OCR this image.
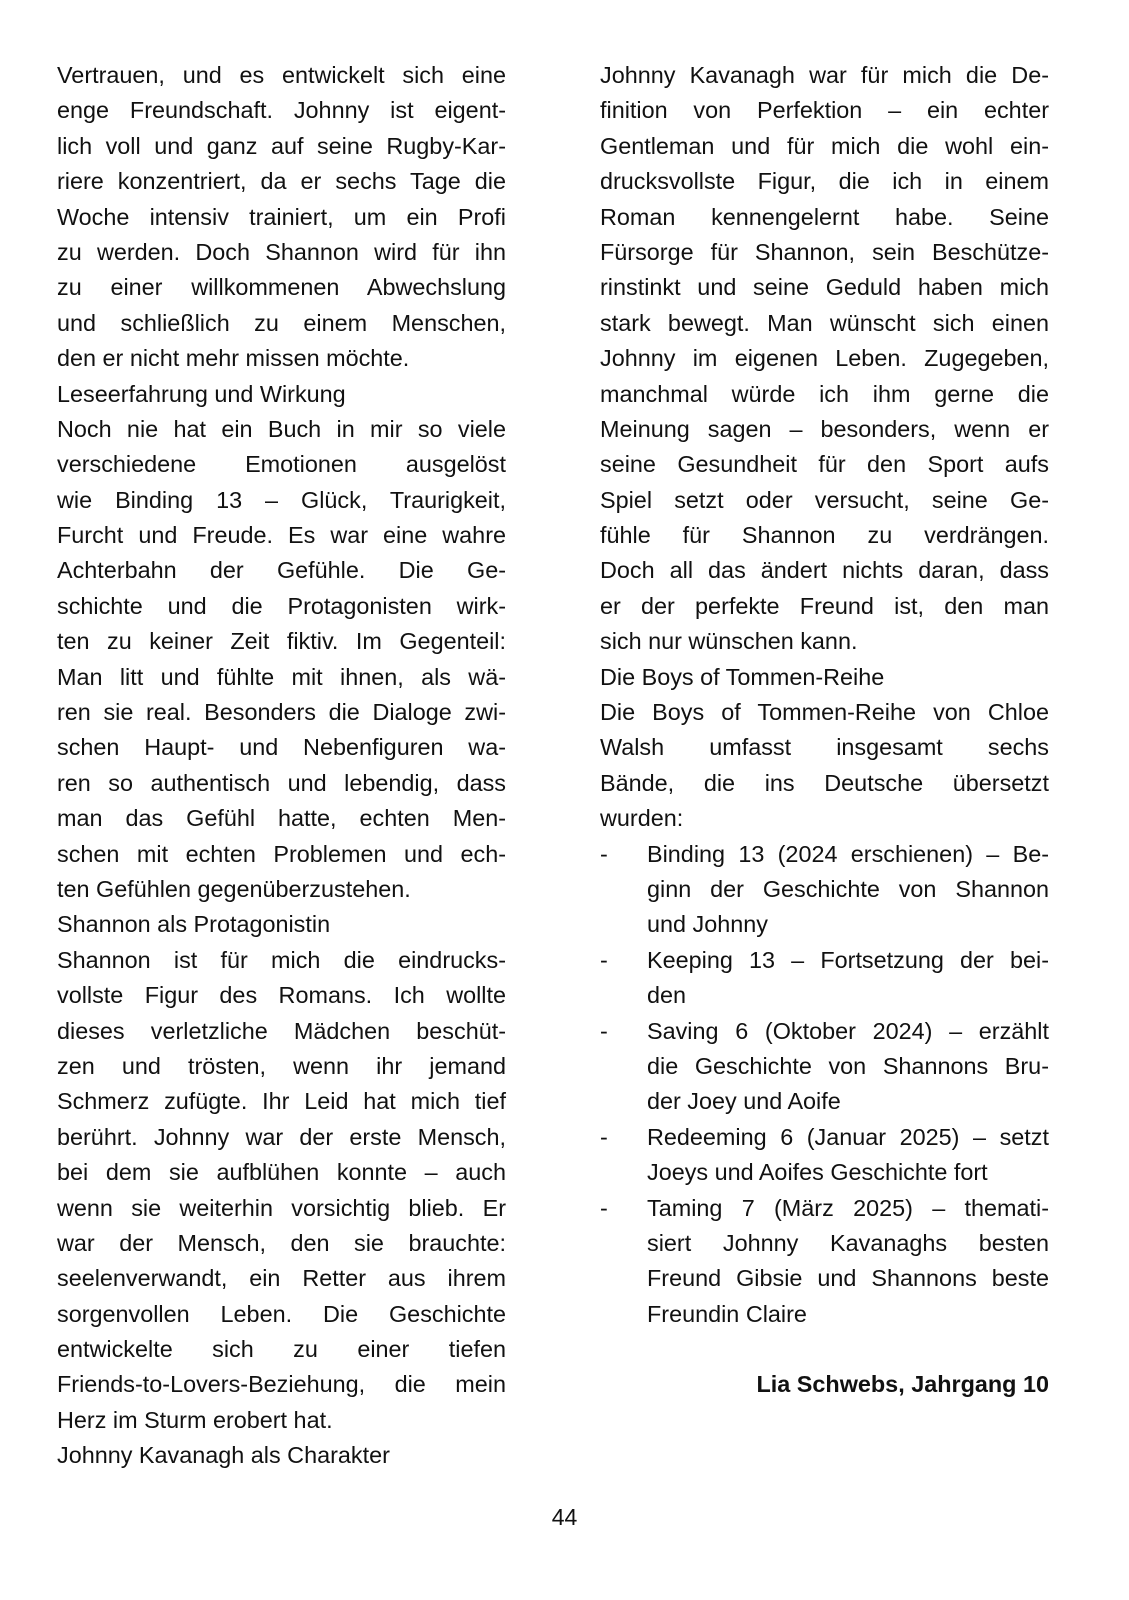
Vertrauen, und es entwickelt sich eine
enge Freundschaft. Johnny ist eigent-
lich voll und ganz auf seine Rugby-Kar-
riere konzentriert, da er sechs Tage die
Woche intensiv trainiert, um ein Profi
zu werden. Doch Shannon wird für ihn
zu einer willkommenen Abwechslung
und schließlich zu einem Menschen,
den er nicht mehr missen möchte.
Leseerfahrung und Wirkung
Noch nie hat ein Buch in mir so viele
verschiedene Emotionen ausgelöst
wie Binding 13 – Glück, Traurigkeit,
Furcht und Freude. Es war eine wahre
Achterbahn der Gefühle. Die Ge-
schichte und die Protagonisten wirk-
ten zu keiner Zeit fiktiv. Im Gegenteil:
Man litt und fühlte mit ihnen, als wä-
ren sie real. Besonders die Dialoge zwi-
schen Haupt- und Nebenfiguren wa-
ren so authentisch und lebendig, dass
man das Gefühl hatte, echten Men-
schen mit echten Problemen und ech-
ten Gefühlen gegenüberzustehen.
Shannon als Protagonistin
Shannon ist für mich die eindrucks-
vollste Figur des Romans. Ich wollte
dieses verletzliche Mädchen beschüt-
zen und trösten, wenn ihr jemand
Schmerz zufügte. Ihr Leid hat mich tief
berührt. Johnny war der erste Mensch,
bei dem sie aufblühen konnte – auch
wenn sie weiterhin vorsichtig blieb. Er
war der Mensch, den sie brauchte:
seelenverwandt, ein Retter aus ihrem
sorgenvollen Leben. Die Geschichte
entwickelte sich zu einer tiefen
Friends-to-Lovers-Beziehung, die mein
Herz im Sturm erobert hat.
Johnny Kavanagh als Charakter
Johnny Kavanagh war für mich die De-
finition von Perfektion – ein echter
Gentleman und für mich die wohl ein-
drucksvollste Figur, die ich in einem
Roman kennengelernt habe. Seine
Fürsorge für Shannon, sein Beschütze-
rinstinkt und seine Geduld haben mich
stark bewegt. Man wünscht sich einen
Johnny im eigenen Leben. Zugegeben,
manchmal würde ich ihm gerne die
Meinung sagen – besonders, wenn er
seine Gesundheit für den Sport aufs
Spiel setzt oder versucht, seine Ge-
fühle für Shannon zu verdrängen.
Doch all das ändert nichts daran, dass
er der perfekte Freund ist, den man
sich nur wünschen kann.
Die Boys of Tommen-Reihe
Die Boys of Tommen-Reihe von Chloe
Walsh umfasst insgesamt sechs
Bände, die ins Deutsche übersetzt
wurden:
- Binding 13 (2024 erschienen) – Be-
ginn der Geschichte von Shannon
und Johnny
- Keeping 13 – Fortsetzung der bei-
den
- Saving 6 (Oktober 2024) – erzählt
die Geschichte von Shannons Bru-
der Joey und Aoife
- Redeeming 6 (Januar 2025) – setzt
Joeys und Aoifes Geschichte fort
- Taming 7 (März 2025) – themati-
siert Johnny Kavanaghs besten
Freund Gibsie und Shannons beste
Freundin Claire
Lia Schwebs, Jahrgang 10
44
